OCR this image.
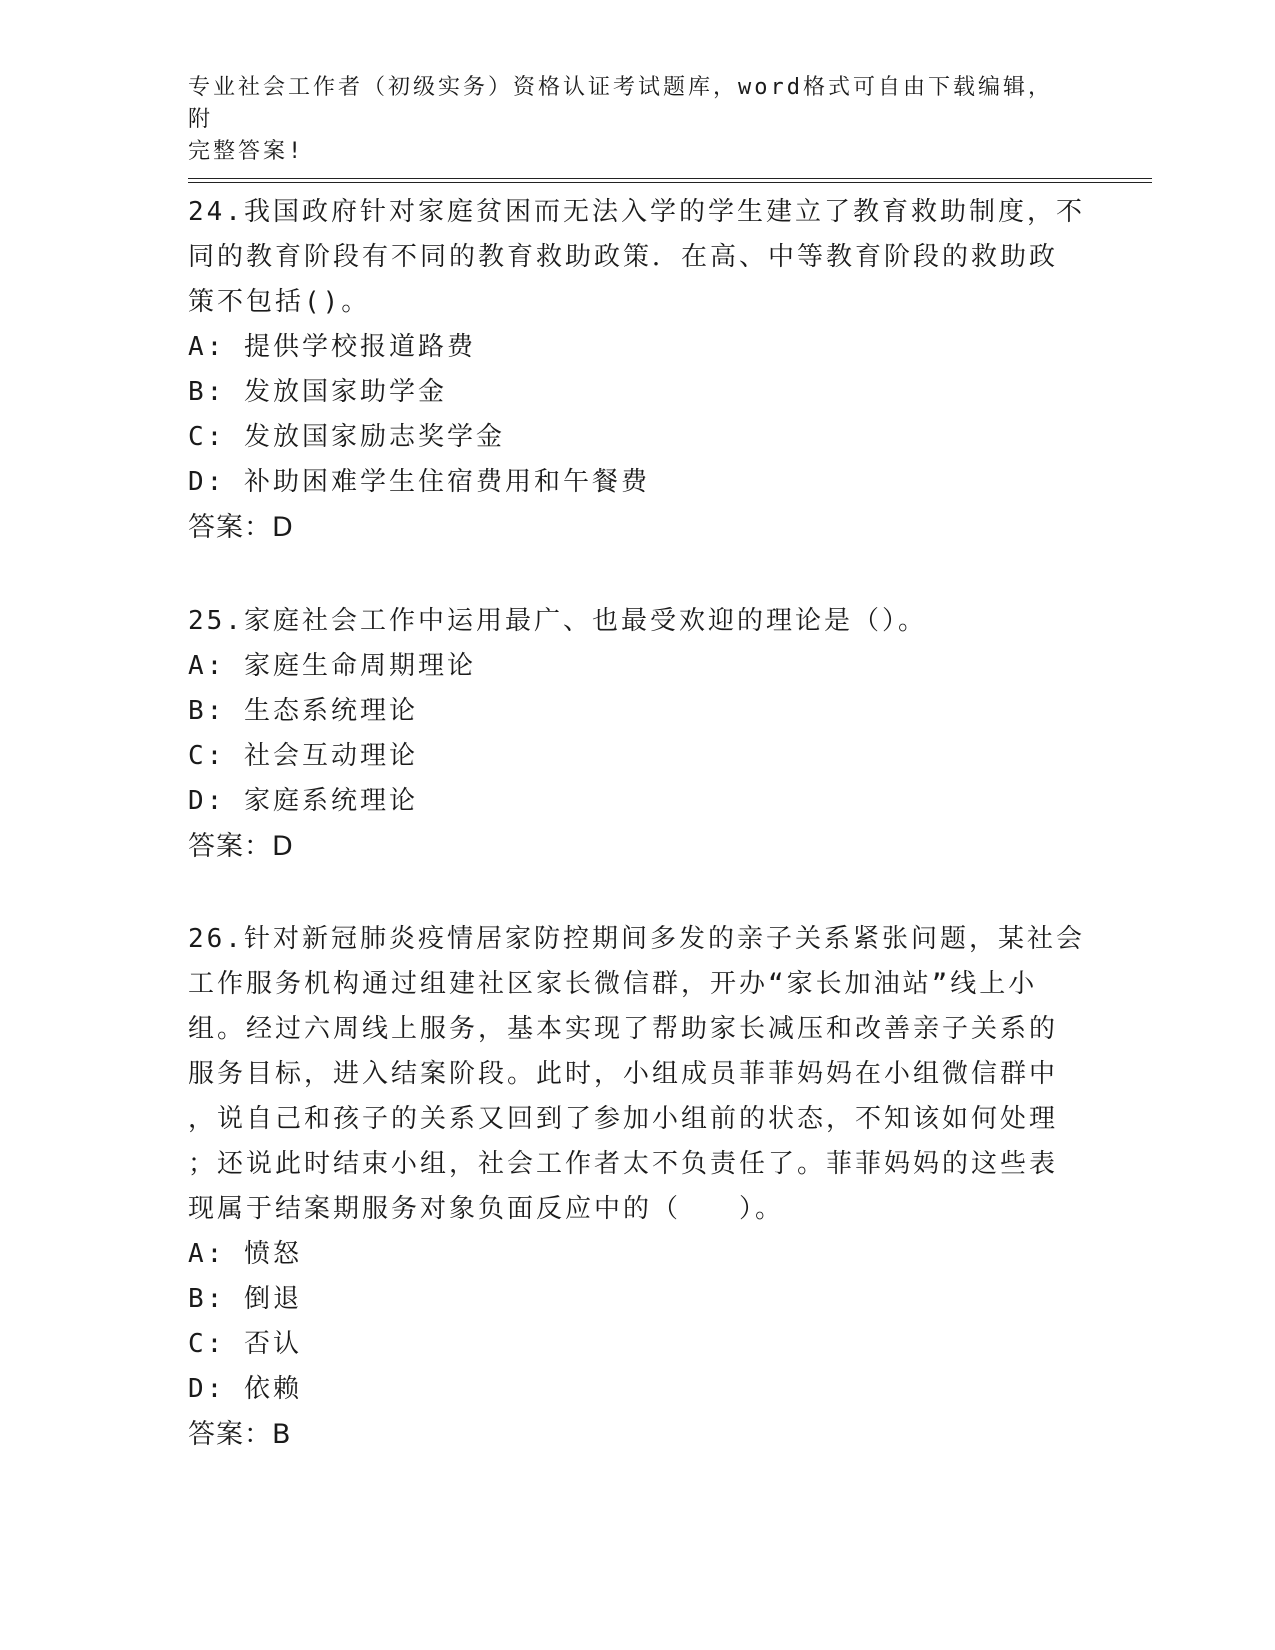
专业社会工作者（初级实务）资格认证考试题库，word格式可自由下载编辑，附
完整答案!

24.我国政府针对家庭贫困而无法入学的学生建立了教育救助制度，不

同的教育阶段有不同的教育救助政策．在高、中等教育阶段的救助政

策不包括()。

A: 提供学校报道路费

B: 发放国家助学金

C: 发放国家励志奖学金

D: 补助困难学生住宿费用和午餐费

答案：D

25.家庭社会工作中运用最广、也最受欢迎的理论是（）。

A: 家庭生命周期理论

B: 生态系统理论

C: 社会互动理论

D: 家庭系统理论

答案：D

26.针对新冠肺炎疫情居家防控期间多发的亲子关系紧张问题，某社会

工作服务机构通过组建社区家长微信群，开办“家长加油站”线上小

组。经过六周线上服务，基本实现了帮助家长减压和改善亲子关系的

服务目标，进入结案阶段。此时，小组成员菲菲妈妈在小组微信群中

，说自己和孩子的关系又回到了参加小组前的状态，不知该如何处理

；还说此时结束小组，社会工作者太不负责任了。菲菲妈妈的这些表

现属于结案期服务对象负面反应中的（　　）。

A: 愤怒

B: 倒退

C: 否认

D: 依赖

答案：B
